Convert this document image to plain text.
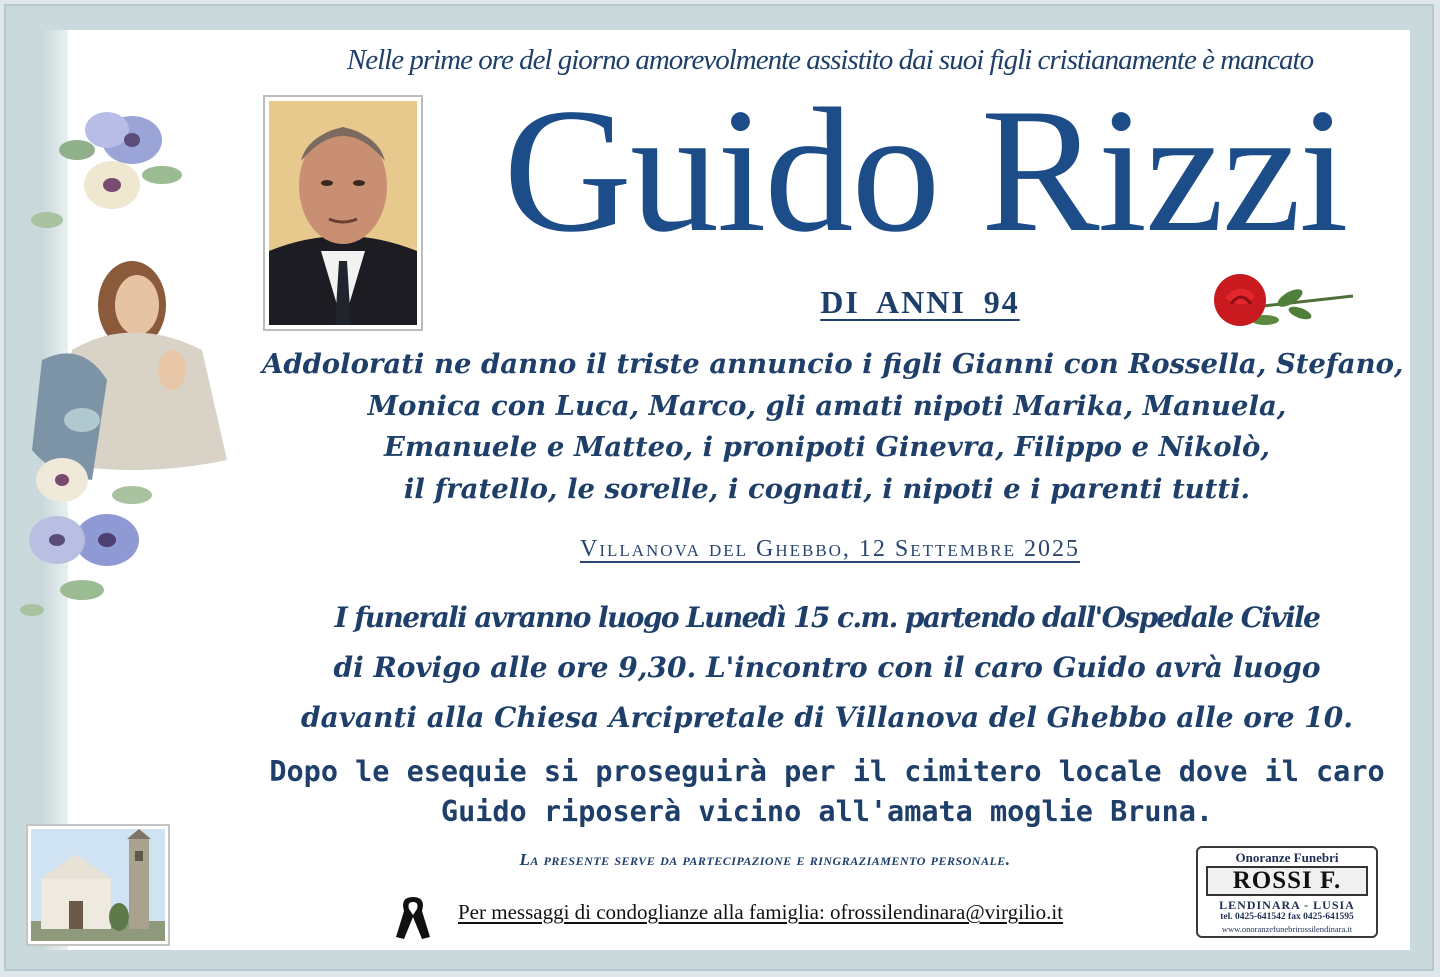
Nelle prime ore del giorno amorevolmente assistito dai suoi figli cristianamente è mancato
Guido Rizzi
DI ANNI 94
Addolorati ne danno il triste annuncio i figli Gianni con Rossella, Stefano,
Monica con Luca, Marco, gli amati nipoti Marika, Manuela,
Emanuele e Matteo, i pronipoti Ginevra, Filippo e Nikolò,
il fratello, le sorelle, i cognati, i nipoti e i parenti tutti.
Villanova del Ghebbo, 12 Settembre 2025
I funerali avranno luogo Lunedì 15 c.m. partendo dall'Ospedale Civile
di Rovigo alle ore 9,30. L'incontro con il caro Guido avrà luogo
davanti alla Chiesa Arcipretale di Villanova del Ghebbo alle ore 10.
Dopo le esequie si proseguirà per il cimitero locale dove il caro
Guido riposerà vicino all'amata moglie Bruna.
La presente serve da partecipazione e ringraziamento personale.
Per messaggi di condoglianze alla famiglia: ofrossilendinara@virgilio.it
Onoranze Funebri
ROSSI F.
LENDINARA - LUSIA
tel. 0425-641542 fax 0425-641595
www.onoranzefunebrirossilendinara.it
